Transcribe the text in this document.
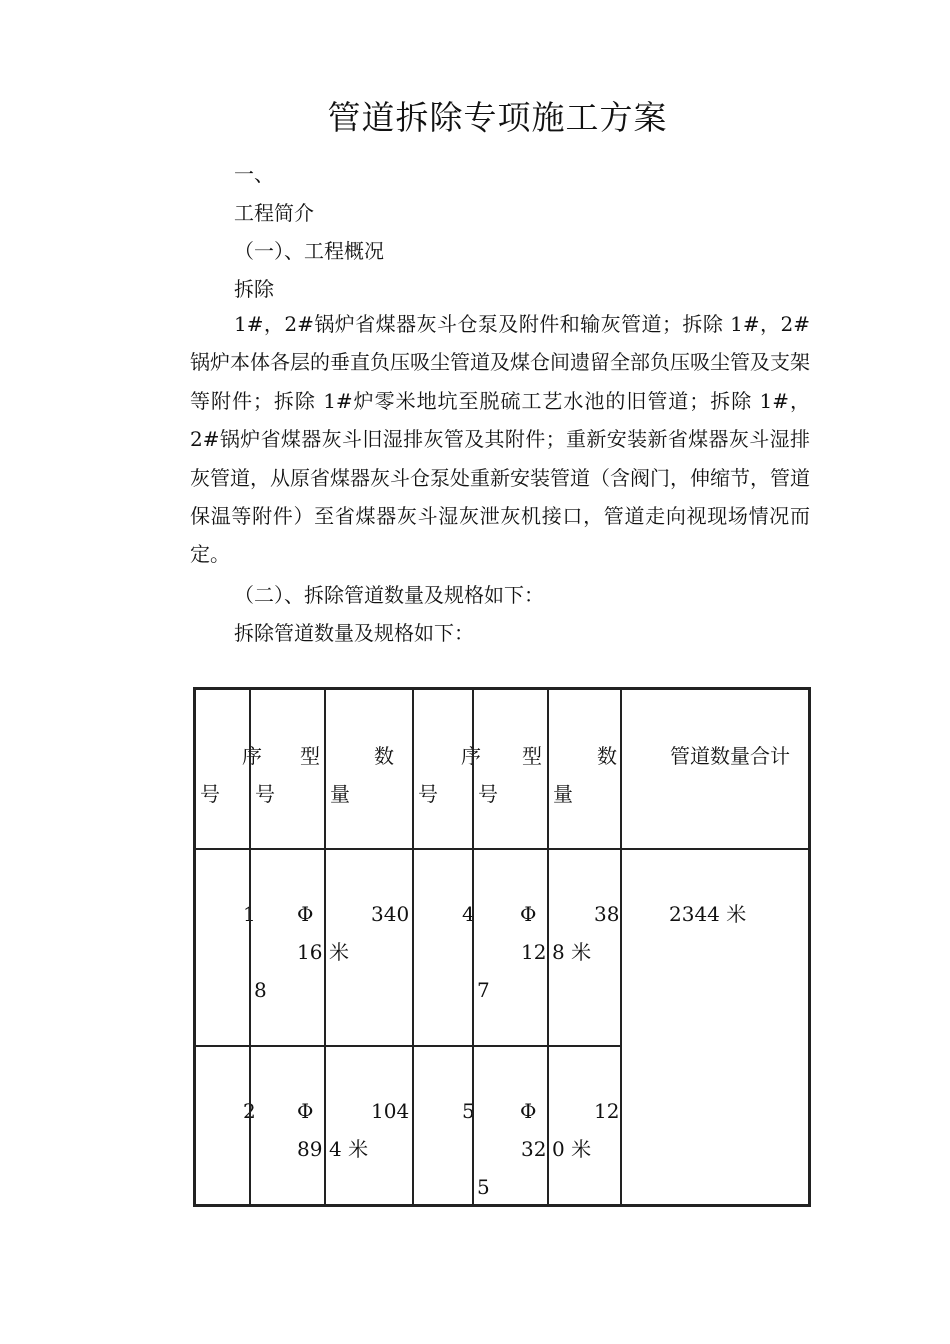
管道拆除专项施工方案
一、
工程简介
（一）、工程概况
拆除
1#，2#锅炉省煤器灰斗仓泵及附件和输灰管道；拆除 1#，2#锅炉本体各层的垂直负压吸尘管道及煤仓间遗留全部负压吸尘管及支架等附件；拆除 1#炉零米地坑至脱硫工艺水池的旧管道；拆除 1#，2#锅炉省煤器灰斗旧湿排灰管及其附件；重新安装新省煤器灰斗湿排灰管道，从原省煤器灰斗仓泵处重新安装管道（含阀门，伸缩节，管道保温等附件）至省煤器灰斗湿灰泄灰机接口，管道走向视现场情况而定。
（二）、拆除管道数量及规格如下：
拆除管道数量及规格如下：
序
号
型
号
数
量
序
号
型
号
数
量
管道数量合计
1 Φ
16
8
340
米
4 Φ
12
7
38
8 米
2344 米
2 Φ
89
104
4 米
5 Φ
32
5
12
0 米
